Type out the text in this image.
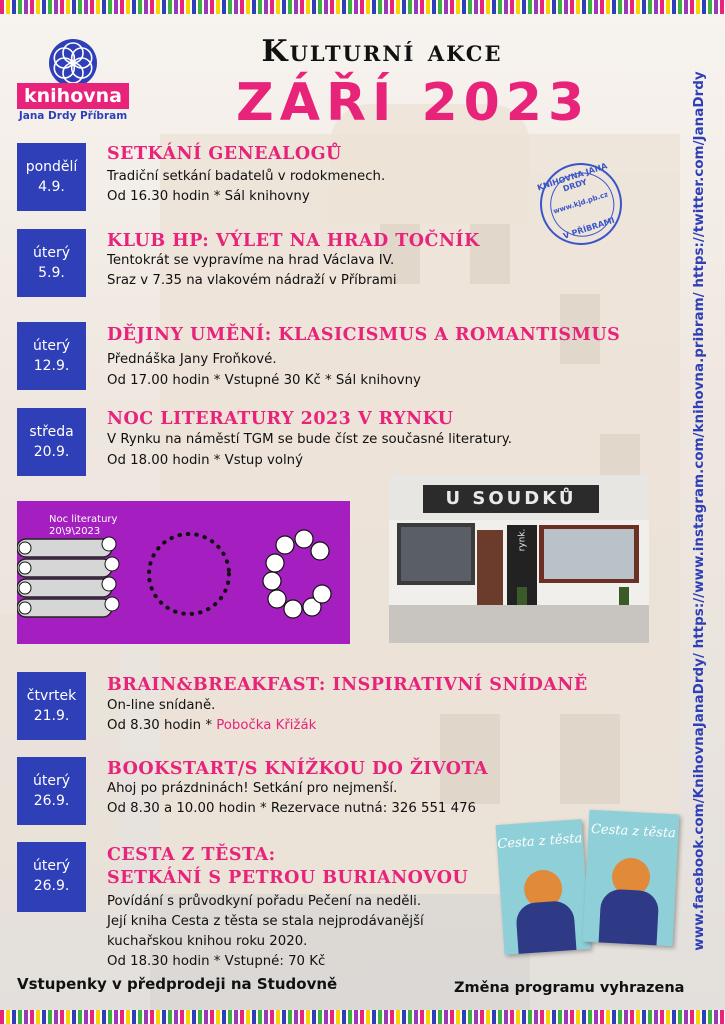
knihovna
Jana Drdy Příbram
Kulturní akce
ZÁŘÍ 2023	www.facebook.com/KnihovnaJanaDrdy/ https://www.instagram.com/knihovna.pribram/ https://twitter.com/JanaDrdy
pondělí
4.9.
SETKÁNÍ GENEALOGŮ
Tradiční setkání badatelů v rodokmenech.
Od 16.30 hodin * Sál knihovny
KNIHOVNA JANA DRDY
www.kjd.pb.cz
V PŘÍBRAMI
úterý
5.9.
KLUB HP: VÝLET NA HRAD TOČNÍK
Tentokrát se vypravíme na hrad Václava IV.
Sraz v 7.35 na vlakovém nádraží v Příbrami
úterý
12.9.
DĚJINY UMĚNÍ: KLASICISMUS A ROMANTISMUS
Přednáška Jany Froňkové.
Od 17.00 hodin * Vstupné 30 Kč * Sál knihovny
středa
20.9.
NOC LITERATURY 2023 V RYNKU
V Rynku na náměstí TGM se bude číst ze současné literatury.
Od 18.00 hodin * Vstup volný
Noc literatury
20\9\2023
U SOUDKŮ
rynk.
čtvrtek
21.9.
BRAIN&BREAKFAST: INSPIRATIVNÍ SNÍDANĚ
On-line snídaně.
Od 8.30 hodin * Pobočka Křižák
úterý
26.9.
BOOKSTART/S KNÍŽKOU DO ŽIVOTA
Ahoj po prázdninách! Setkání pro nejmenší.
Od 8.30 a 10.00 hodin * Rezervace nutná: 326 551 476
úterý
26.9.
CESTA Z TĚSTA:
SETKÁNÍ S PETROU BURIANOVOU
Povídání s průvodkyní pořadu Pečení na neděli.
Její kniha Cesta z těsta se stala nejprodávanější
kuchařskou knihou roku 2020.
Od 18.30 hodin * Vstupné: 70 Kč
Cesta z těsta Cesta z těsta
Vstupenky v předprodeji na Studovně	Změna programu vyhrazena
